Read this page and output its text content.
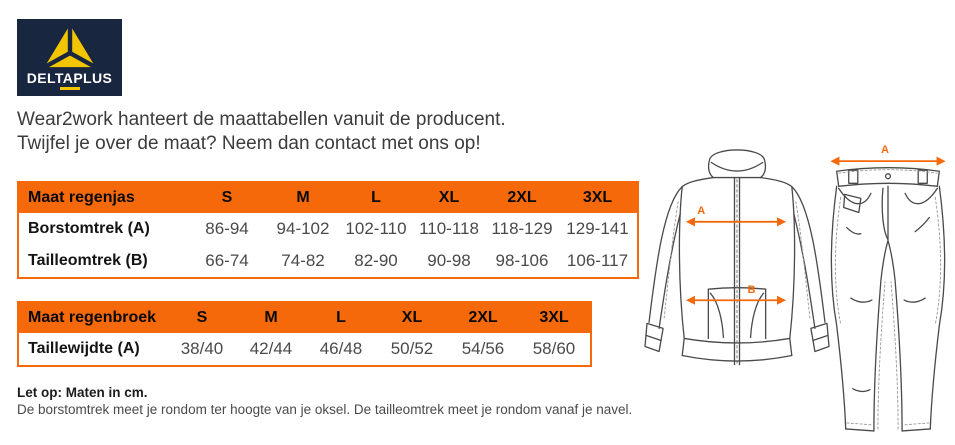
DELTAPLUS
Wear2work hanteert de maattabellen vanuit de producent.
Twijfel je over de maat? Neem dan contact met ons op!
Maat regenjas	S	M	L	XL	2XL	3XL
Borstomtrek (A)	86-94	94-102	102-110	110-118	118-129	129-141
Tailleomtrek (B)	66-74	74-82	82-90	90-98	98-106	106-117
Maat regenbroek	S	M	L	XL	2XL	3XL
Taillewijdte (A)	38/40	42/44	46/48	50/52	54/56	58/60
Let op: Maten in cm.
De borstomtrek meet je rondom ter hoogte van je oksel. De tailleomtrek meet je rondom vanaf je navel.
A
B
A
